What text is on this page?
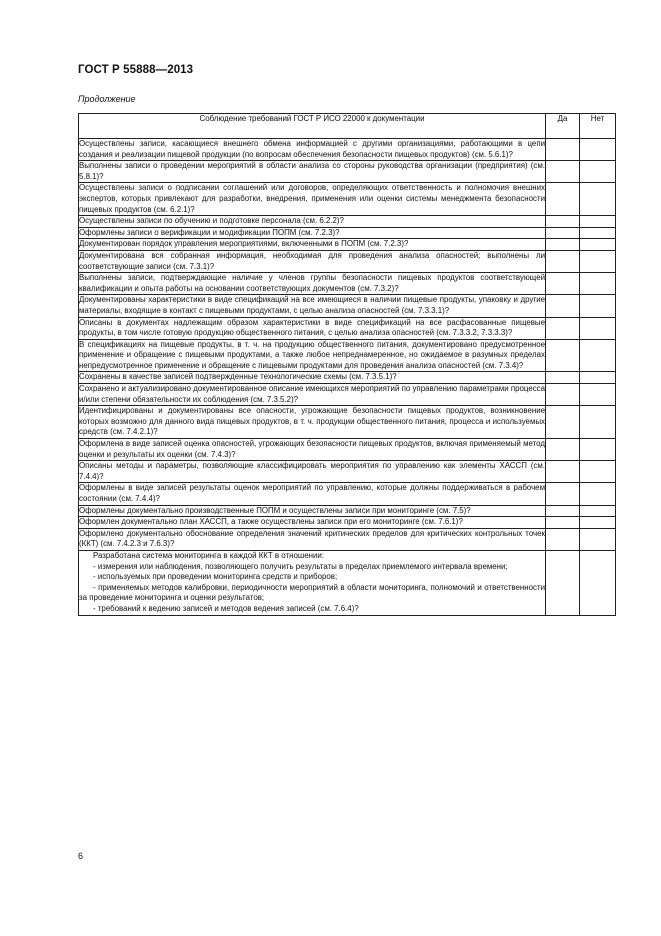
ГОСТ Р 55888—2013
Продолжение
Соблюдение требований ГОСТ Р ИСО 22000 к документации	Да	Нет
Осуществлены записи, касающиеся внешнего обмена информацией с другими организациями, работающими в цепи создания и реализации пищевой продукции (по вопросам обеспечения безопасности пищевых продуктов) (см. 5.6.1)?		
Выполнены записи о проведении мероприятий в области анализа со стороны руководства организации (предприятия) (см. 5.8.1)?		
Осуществлены записи о подписании соглашений или договоров, определяющих ответственность и полномочия внешних экспертов, которых привлекают для разработки, внедрения, применения или оценки системы менеджмента безопасности пищевых продуктов (см. 6.2.1)?		
Осуществлены записи по обучению и подготовке персонала (см. 6.2.2)?		
Оформлены записи о верификации и модификации ПОПМ (см. 7.2.3)?		
Документирован порядок управления мероприятиями, включенными в ПОПМ (см. 7.2.3)?		
Документирована вся собранная информация, необходимая для проведения анализа опасностей; выполнены ли соответствующие записи (см. 7.3.1)?		
Выполнены записи, подтверждающие наличие у членов группы безопасности пищевых продуктов соответствующей квалификации и опыта работы на основании соответствующих документов (см. 7.3.2)?		
Документированы характеристики в виде спецификаций на все имеющиеся в наличии пищевые продукты, упаковку и другие материалы, входящие в контакт с пищевыми продуктами, с целью анализа опасностей (см. 7.3.3.1)?		
Описаны в документах надлежащим образом характеристики в виде спецификаций на все расфасованные пищевые продукты, в том числе готовую продукцию общественного питания, с целью анализа опасностей (см. 7.3.3.2, 7.3.3.3)?		
В спецификациях на пищевые продукты, в т. ч. на продукцию общественного питания, документировано предусмотренное применение и обращение с пищевыми продуктами, а также любое непреднамеренное, но ожидаемое в разумных пределах непредусмотренное применение и обращение с пищевыми продуктами для проведения анализа опасностей (см. 7.3.4)?		
Сохранены в качестве записей подтвержденные технологические схемы (см. 7.3.5.1)?		
Сохранено и актуализировано документированное описание имеющихся мероприятий по управлению параметрами процесса и/или степени обязательности их соблюдения (см. 7.3.5.2)?		
Идентифицированы и документированы все опасности, угрожающие безопасности пищевых продуктов, возникновение которых возможно для данного вида пищевых продуктов, в т. ч. продукции общественного питания, процесса и используемых средств (см. 7.4.2.1)?		
Оформлена в виде записей оценка опасностей, угрожающих безопасности пищевых продуктов, включая применяемый метод оценки и результаты их оценки (см. 7.4.3)?		
Описаны методы и параметры, позволяющие классифицировать мероприятия по управлению как элементы ХАССП (см. 7.4.4)?		
Оформлены в виде записей результаты оценок мероприятий по управлению, которые должны поддерживаться в рабочем состоянии (см. 7.4.4)?		
Оформлены документально производственные ПОПМ и осуществлены записи при мониторинге (см. 7.5)?		
Оформлен документально план ХАССП, а также осуществлены записи при его мониторинге (см. 7.6.1)?		
Оформлено документально обоснование определения значений критических пределов для критических контрольных точек (ККТ) (см. 7.4.2.3 и 7.6.3)?		

Разработана система мониторинга в каждой ККТ в отношении:
- измерения или наблюдения, позволяющего получить результаты в пределах приемлемого интервала времени;
- используемых при проведении мониторинга средств и приборов;
- применяемых методов калибровки, периодичности мероприятий в области мониторинга, полномочий и ответственности за проведение мониторинга и оценки результатов;
- требований к ведению записей и методов ведения записей (см. 7.6.4)?		

6
